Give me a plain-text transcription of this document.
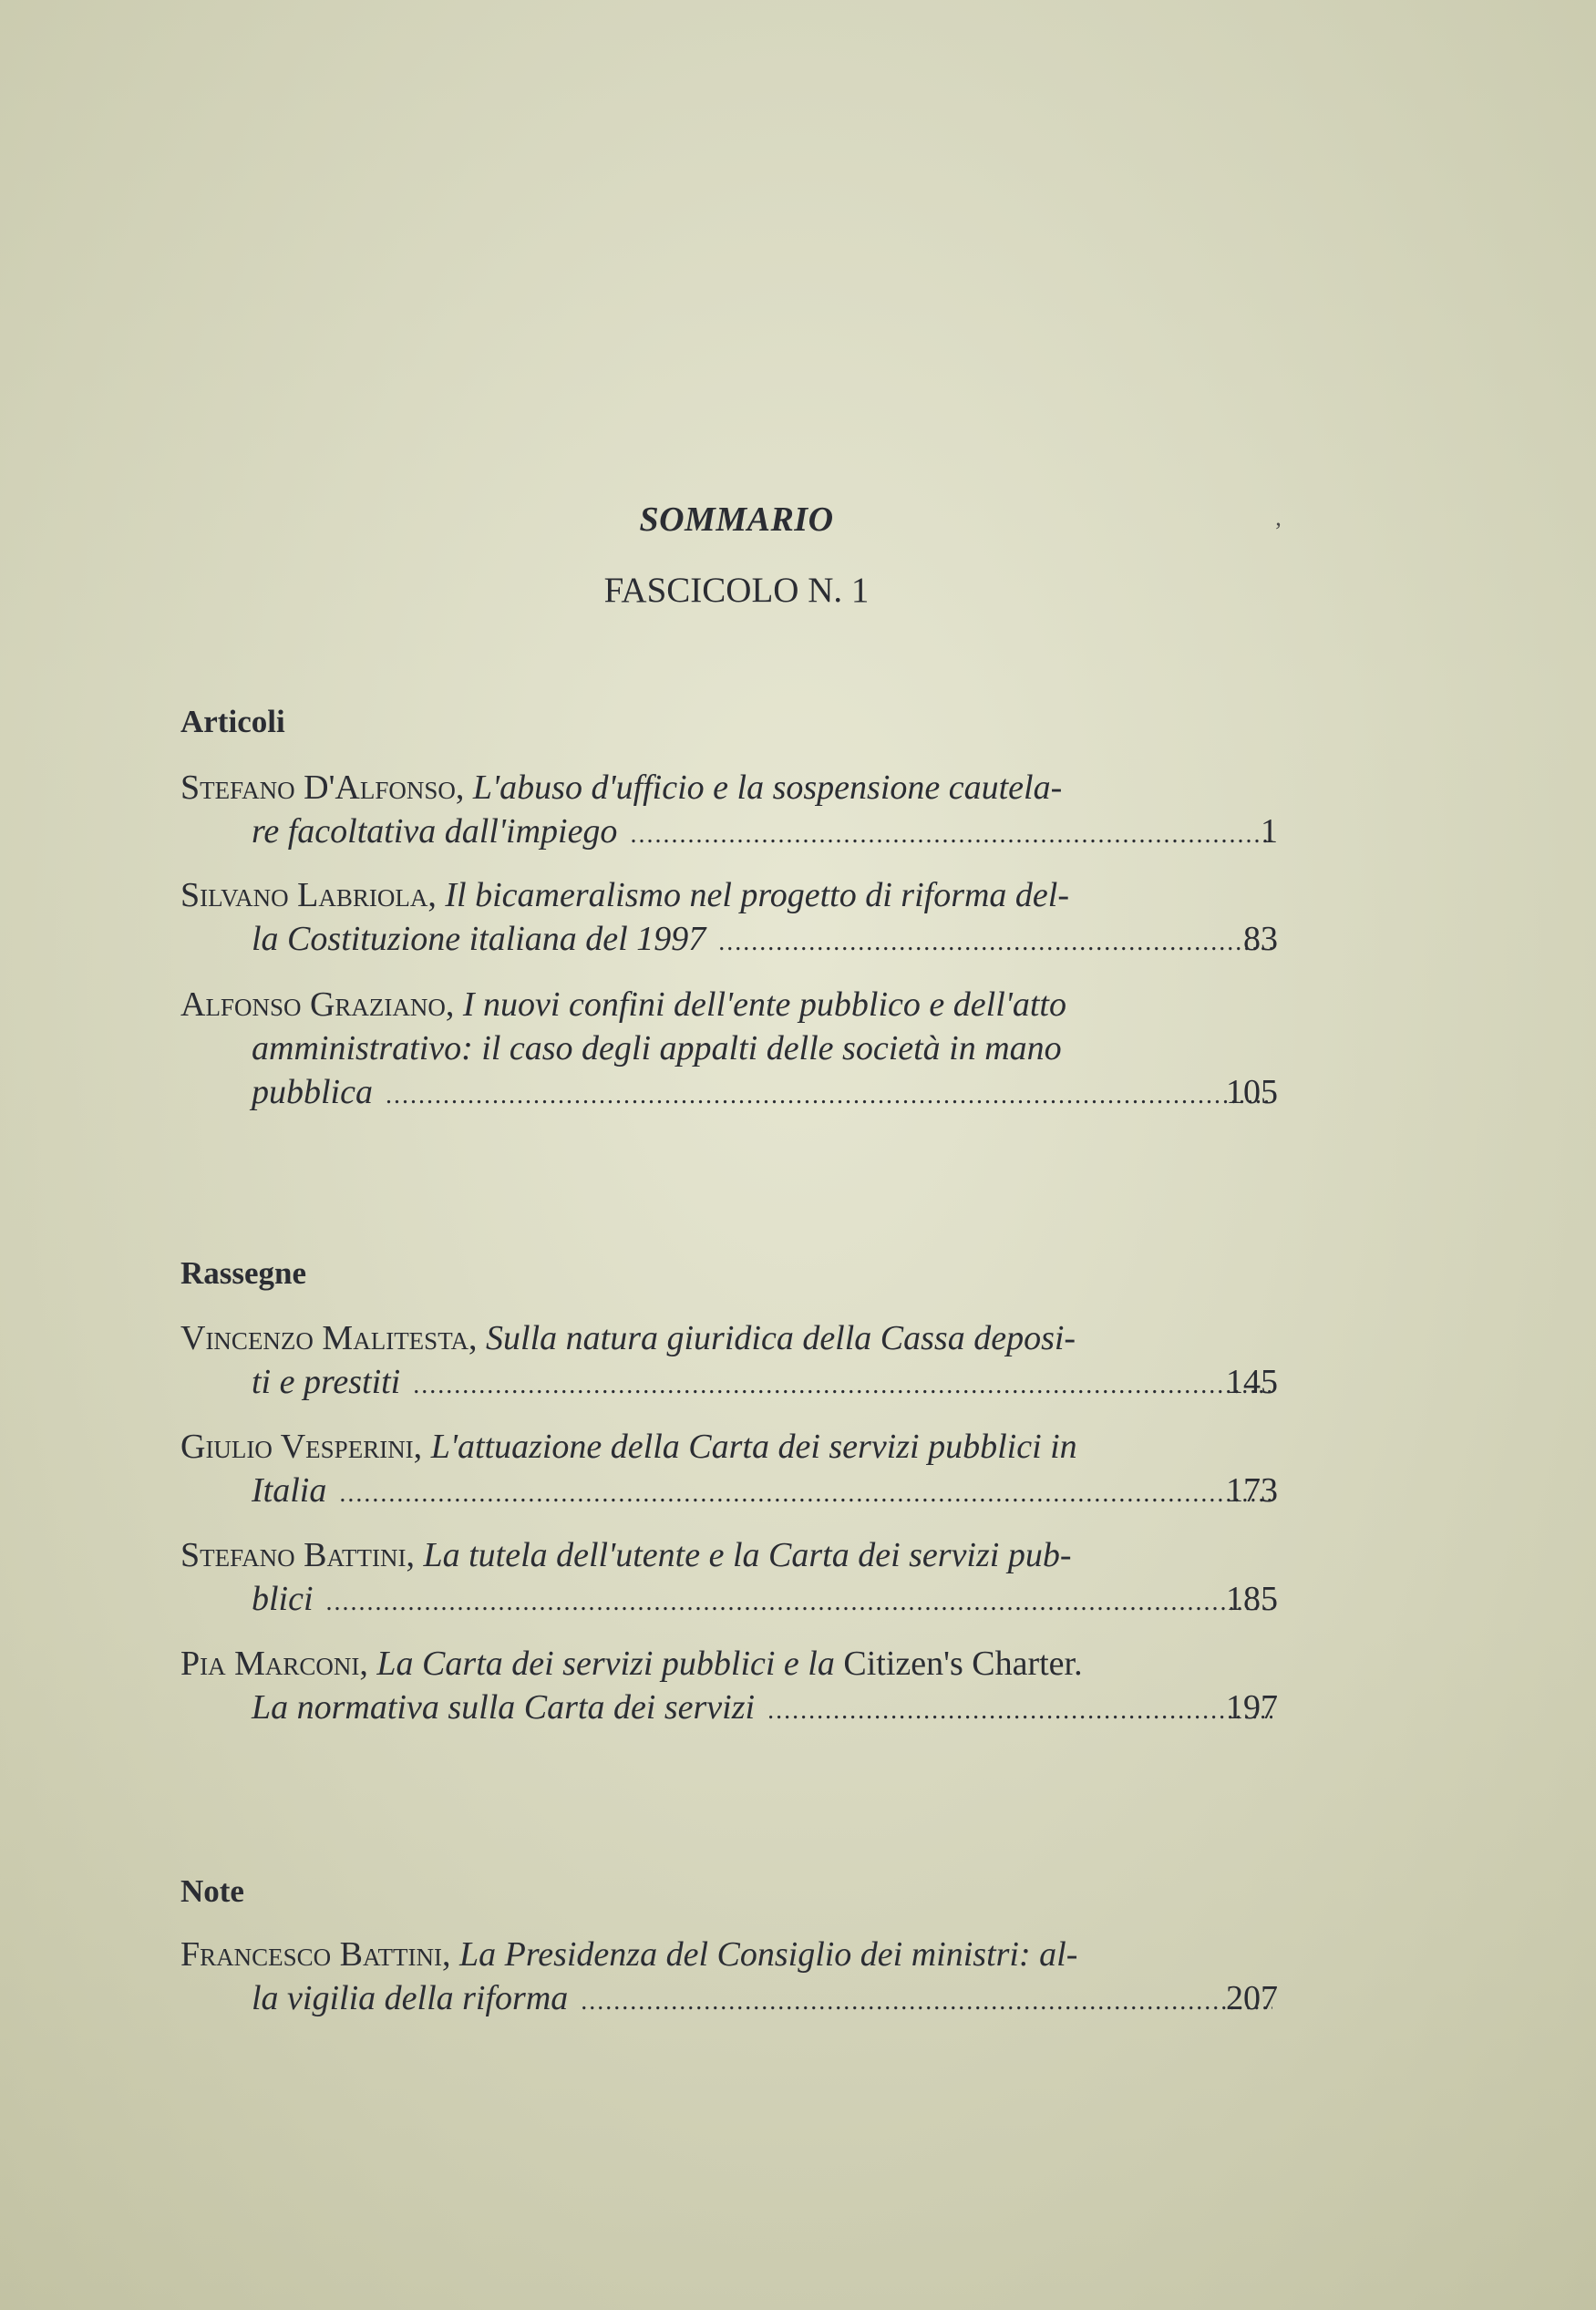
SOMMARIO	ʼ
FASCICOLO N. 1
Articoli
Stefano D'Alfonso, L'abuso d'ufficio e la sospensione cautela-
re facoltativa dall'impiego .....	1
Silvano Labriola, Il bicameralismo nel progetto di riforma del-
la Costituzione italiana del 1997 .....	83
Alfonso Graziano, I nuovi confini dell'ente pubblico e dell'atto
amministrativo: il caso degli appalti delle società in mano
pubblica .....	105
Rassegne
Vincenzo Malitesta, Sulla natura giuridica della Cassa deposi-
ti e prestiti .....	145
Giulio Vesperini, L'attuazione della Carta dei servizi pubblici in
Italia .....	173
Stefano Battini, La tutela dell'utente e la Carta dei servizi pub-
blici .....	185
Pia Marconi, La Carta dei servizi pubblici e la Citizen's Charter.
La normativa sulla Carta dei servizi .....	197
Note
Francesco Battini, La Presidenza del Consiglio dei ministri: al-
la vigilia della riforma .....	207
